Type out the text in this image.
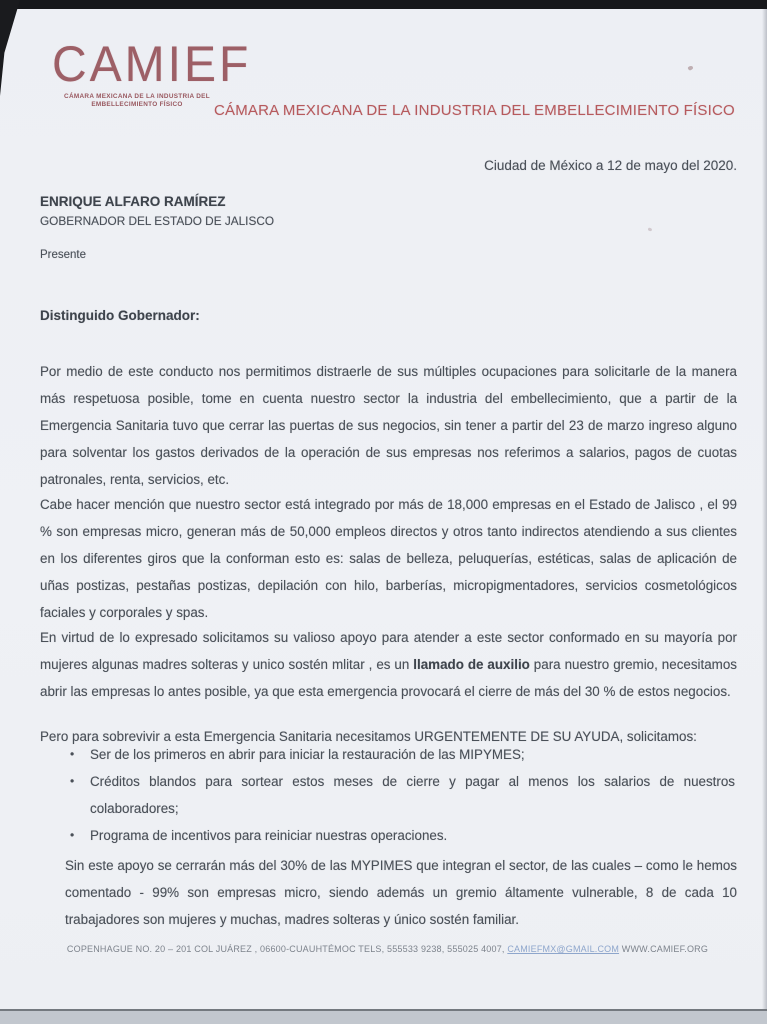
CAMIEF
CÁMARA MEXICANA DE LA INDUSTRIA DEL
EMBELLECIMIENTO FÍSICO	CÁMARA MEXICANA DE LA INDUSTRIA DEL EMBELLECIMIENTO FÍSICO
Ciudad de México a 12 de mayo del 2020.
ENRIQUE ALFARO RAMÍREZ
GOBERNADOR DEL ESTADO DE JALISCO
Presente
Distinguido Gobernador:

Por medio de este conducto nos permitimos distraerle de sus múltiples ocupaciones para solicitarle de la manera más respetuosa posible, tome en cuenta nuestro sector la industria del embellecimiento, que a partir de la Emergencia Sanitaria tuvo que cerrar las puertas de sus negocios, sin tener a partir del 23 de marzo ingreso alguno para solventar los gastos derivados de la operación de sus empresas nos referimos a salarios, pagos de cuotas patronales, renta, servicios, etc.

Cabe hacer mención que nuestro sector está integrado por más de 18,000 empresas en el Estado de Jalisco , el 99 % son empresas micro, generan más de 50,000 empleos directos y otros tanto indirectos atendiendo a sus clientes en los diferentes giros que la conforman esto es: salas de belleza, peluquerías, estéticas, salas de aplicación de uñas postizas, pestañas postizas, depilación con hilo, barberías, micropigmentadores, servicios cosmetológicos faciales y corporales y spas.

En virtud de lo expresado solicitamos su valioso apoyo para atender a este sector conformado en su mayoría por mujeres algunas madres solteras y unico sostén mlitar , es un llamado de auxilio para nuestro gremio, necesitamos abrir las empresas lo antes posible, ya que esta emergencia provocará el cierre de más del 30 % de estos negocios.

Pero para sobrevivir a esta Emergencia Sanitaria necesitamos URGENTEMENTE DE SU AYUDA, solicitamos:

• Ser de los primeros en abrir para iniciar la restauración de las MIPYMES;
• Créditos blandos para sortear estos meses de cierre y pagar al menos los salarios de nuestros colaboradores;
• Programa de incentivos para reiniciar nuestras operaciones.

Sin este apoyo se cerrarán más del 30% de las MYPIMES que integran el sector, de las cuales – como le hemos comentado - 99% son empresas micro, siendo además un gremio áltamente vulnerable, 8 de cada 10 trabajadores son mujeres y muchas, madres solteras y único sostén familiar.

COPENHAGUE NO. 20 – 201 COL JUÁREZ , 06600-CUAUHTÉMOC TELS, 555533 9238, 555025 4007, CAMIEFMX@GMAIL.COM WWW.CAMIEF.ORG
